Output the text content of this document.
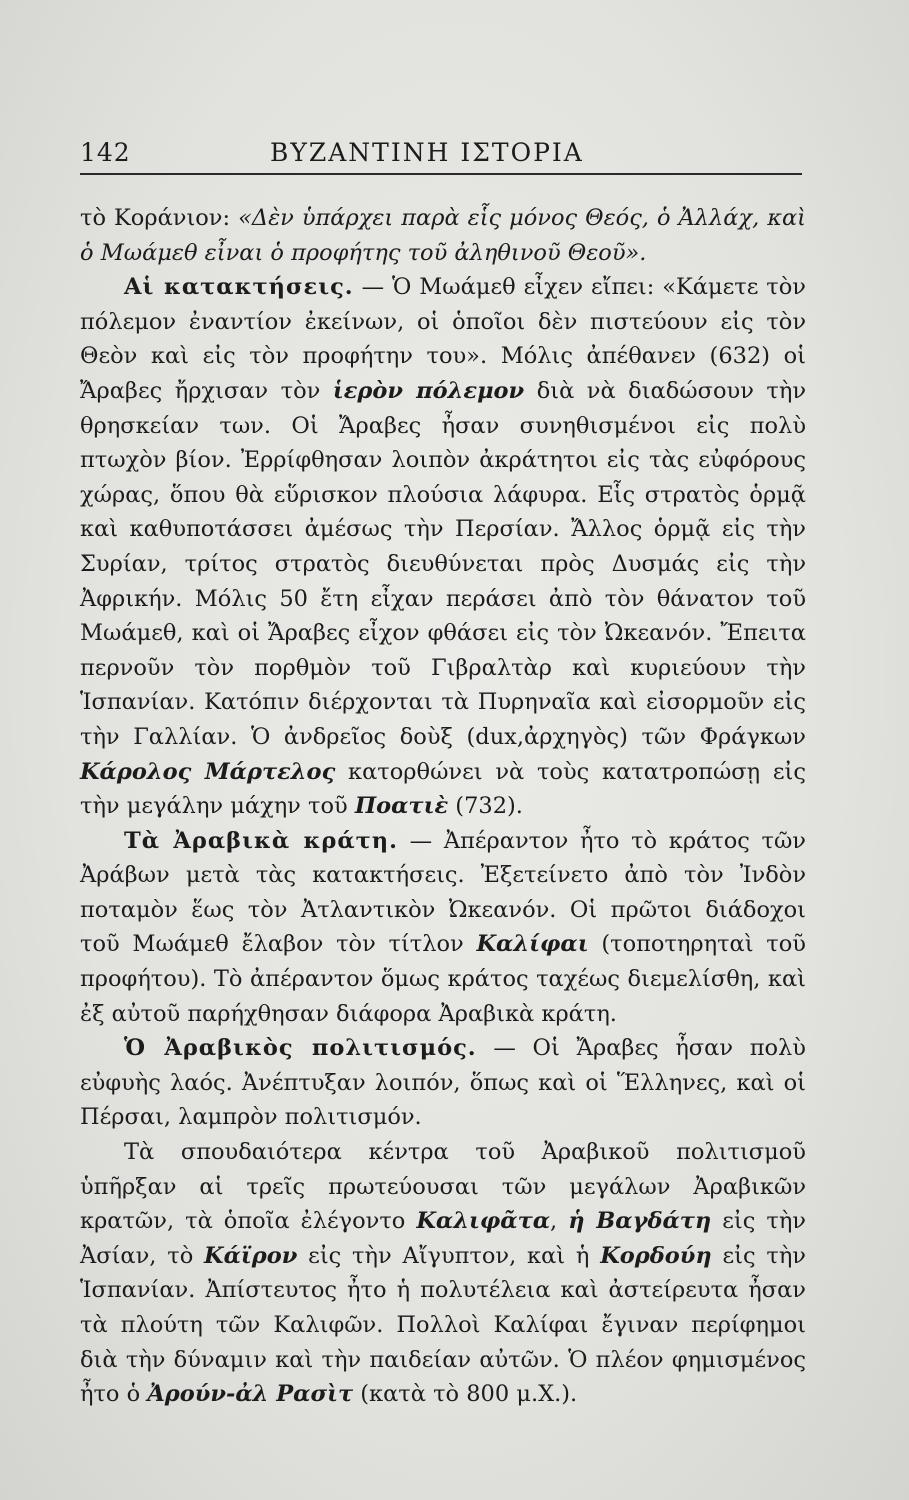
142	ΒΥΖΑΝΤΙΝΗ ΙΣΤΟΡΙΑ

τὸ Κοράνιον: «Δὲν ὑπάρχει παρὰ εἷς μόνος Θεός, ὁ Ἀλλάχ, καὶ ὁ Μωάμεθ εἶναι ὁ προφήτης τοῦ ἀληθινοῦ Θεοῦ».

Αἱ κατακτήσεις. — Ὁ Μωάμεθ εἶχεν εἴπει: «Κάμετε τὸν πόλεμον ἐναντίον ἐκείνων, οἱ ὁποῖοι δὲν πιστεύουν εἰς τὸν Θεὸν καὶ εἰς τὸν προφήτην του». Μόλις ἀπέθανεν (632) οἱ Ἄραβες ἤρχισαν τὸν ἱερὸν πόλεμον διὰ νὰ διαδώσουν τὴν θρησκείαν των. Οἱ Ἄραβες ἦσαν συνηθισμένοι εἰς πολὺ πτωχὸν βίον. Ἐρρίφθησαν λοιπὸν ἀκράτητοι εἰς τὰς εὐφόρους χώρας, ὅπου θὰ εὕρισκον πλούσια λάφυρα. Εἷς στρατὸς ὁρμᾷ καὶ καθυποτάσσει ἀμέσως τὴν Περσίαν. Ἄλλος ὁρμᾷ εἰς τὴν Συρίαν, τρίτος στρατὸς διευθύνεται πρὸς Δυσμάς εἰς τὴν Ἀφρικήν. Μόλις 50 ἔτη εἶχαν περάσει ἀπὸ τὸν θάνατον τοῦ Μωάμεθ, καὶ οἱ Ἄραβες εἶχον φθάσει εἰς τὸν Ὠκεανόν. Ἔπειτα περνοῦν τὸν πορθμὸν τοῦ Γιβραλτὰρ καὶ κυριεύουν τὴν Ἱσπανίαν. Κατόπιν διέρχονται τὰ Πυρηναῖα καὶ εἰσορμοῦν εἰς τὴν Γαλλίαν. Ὁ ἀνδρεῖος δοὺξ (dux,ἀρχηγὸς) τῶν Φράγκων Κάρολος Μάρτελος κατορθώνει νὰ τοὺς κατατροπώσῃ εἰς τὴν μεγάλην μάχην τοῦ Ποατιὲ (732).

Τὰ Ἀραβικὰ κράτη. — Ἀπέραντον ἦτο τὸ κράτος τῶν Ἀράβων μετὰ τὰς κατακτήσεις. Ἐξετείνετο ἀπὸ τὸν Ἰνδὸν ποταμὸν ἕως τὸν Ἀτλαντικὸν Ὠκεανόν. Οἱ πρῶτοι διάδοχοι τοῦ Μωάμεθ ἔλαβον τὸν τίτλον Καλίφαι (τοποτηρηταὶ τοῦ προφήτου). Τὸ ἀπέραντον ὅμως κράτος ταχέως διεμελίσθη, καὶ ἐξ αὐτοῦ παρήχθησαν διάφορα Ἀραβικὰ κράτη.

Ὁ Ἀραβικὸς πολιτισμός. — Οἱ Ἄραβες ἦσαν πολὺ εὐφυὴς λαός. Ἀνέπτυξαν λοιπόν, ὅπως καὶ οἱ Ἕλληνες, καὶ οἱ Πέρσαι, λαμπρὸν πολιτισμόν.

Τὰ σπουδαιότερα κέντρα τοῦ Ἀραβικοῦ πολιτισμοῦ ὑπῆρξαν αἱ τρεῖς πρωτεύουσαι τῶν μεγάλων Ἀραβικῶν κρατῶν, τὰ ὁποῖα ἐλέγοντο Καλιφᾶτα, ἡ Βαγδάτη εἰς τὴν Ἀσίαν, τὸ Κάϊρον εἰς τὴν Αἴγυπτον, καὶ ἡ Κορδούη εἰς τὴν Ἱσπανίαν. Ἀπίστευτος ἦτο ἡ πολυτέλεια καὶ ἀστείρευτα ἦσαν τὰ πλούτη τῶν Καλιφῶν. Πολλοὶ Καλίφαι ἔγιναν περίφημοι διὰ τὴν δύναμιν καὶ τὴν παιδείαν αὐτῶν. Ὁ πλέον φημισμένος ἦτο ὁ Ἀρούν-ἀλ Ρασὶτ (κατὰ τὸ 800 μ.Χ.).
